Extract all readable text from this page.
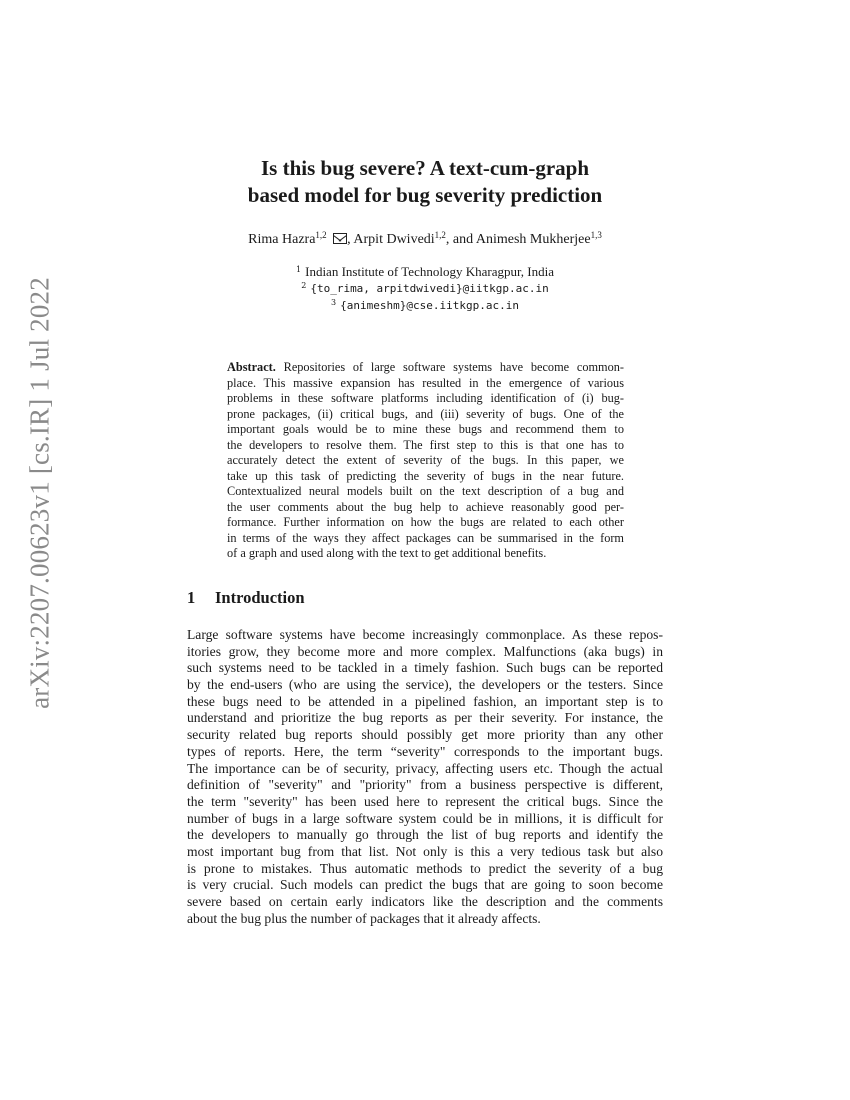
arXiv:2207.00623v1 [cs.IR] 1 Jul 2022
Is this bug severe? A text-cum-graph
based model for bug severity prediction
Rima Hazra$^{1,2}$ , Arpit Dwivedi$^{1,2}$, and Animesh Mukherjee$^{1,3}$
$^1$ Indian Institute of Technology Kharagpur, India
$^2$ {to_rima, arpitdwivedi}@iitkgp.ac.in
$^3$ {animeshm}@cse.iitkgp.ac.in
Abstract. Repositories of large software systems have become common-
place. This massive expansion has resulted in the emergence of various
problems in these software platforms including identification of (i) bug-
prone packages, (ii) critical bugs, and (iii) severity of bugs. One of the
important goals would be to mine these bugs and recommend them to
the developers to resolve them. The first step to this is that one has to
accurately detect the extent of severity of the bugs. In this paper, we
take up this task of predicting the severity of bugs in the near future.
Contextualized neural models built on the text description of a bug and
the user comments about the bug help to achieve reasonably good per-
formance. Further information on how the bugs are related to each other
in terms of the ways they affect packages can be summarised in the form
of a graph and used along with the text to get additional benefits.
1 Introduction
Large software systems have become increasingly commonplace. As these repos-
itories grow, they become more and more complex. Malfunctions (aka bugs) in
such systems need to be tackled in a timely fashion. Such bugs can be reported
by the end-users (who are using the service), the developers or the testers. Since
these bugs need to be attended in a pipelined fashion, an important step is to
understand and prioritize the bug reports as per their severity. For instance, the
security related bug reports should possibly get more priority than any other
types of reports. Here, the term “severity" corresponds to the important bugs.
The importance can be of security, privacy, affecting users etc. Though the actual
definition of "severity" and "priority" from a business perspective is different,
the term "severity" has been used here to represent the critical bugs. Since the
number of bugs in a large software system could be in millions, it is difficult for
the developers to manually go through the list of bug reports and identify the
most important bug from that list. Not only is this a very tedious task but also
is prone to mistakes. Thus automatic methods to predict the severity of a bug
is very crucial. Such models can predict the bugs that are going to soon become
severe based on certain early indicators like the description and the comments
about the bug plus the number of packages that it already affects.
